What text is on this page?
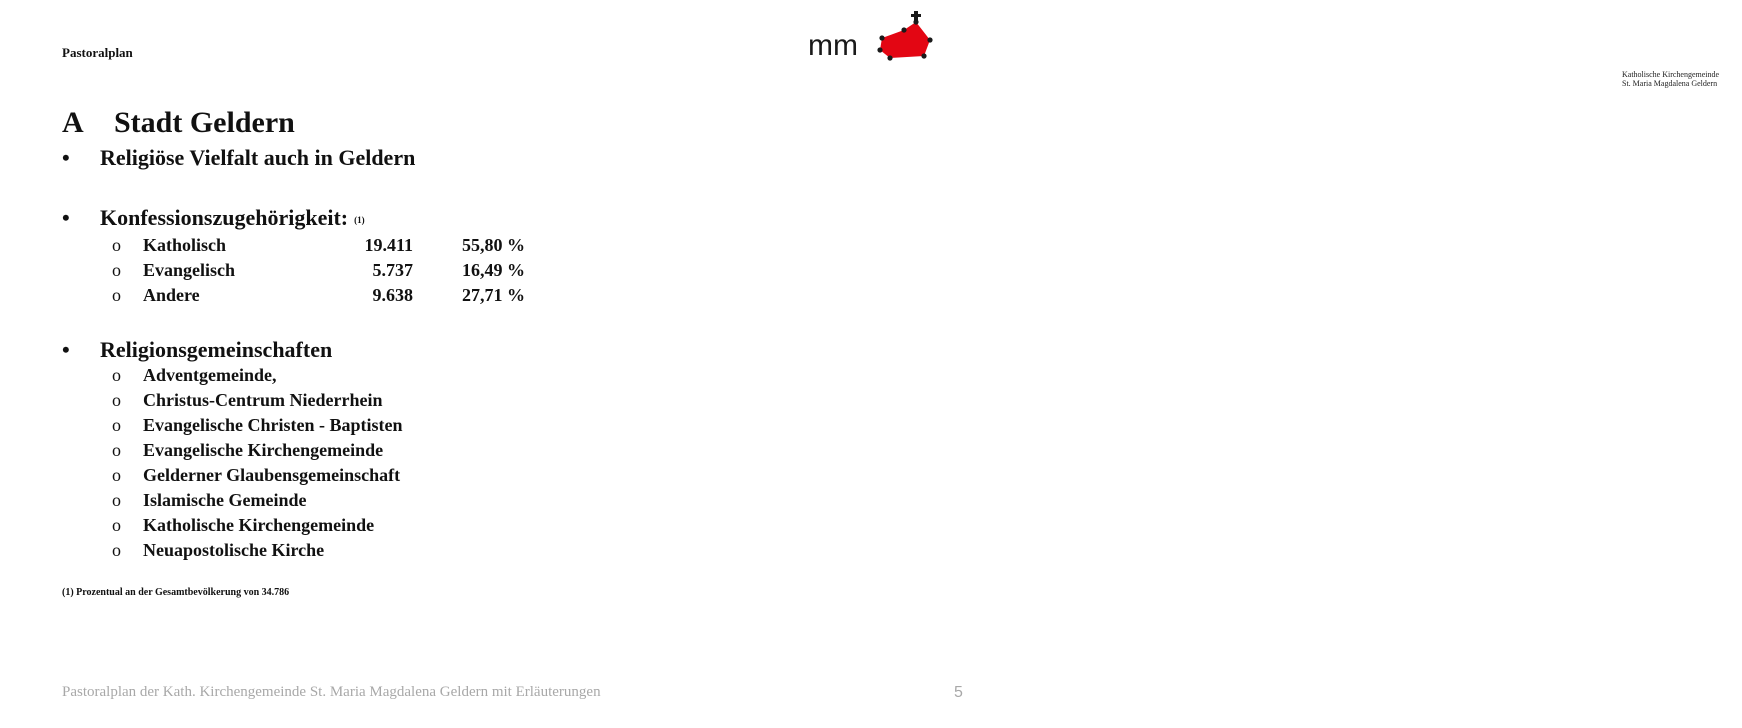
Pastoralplan	mm
Katholische Kirchengemeinde
St. Maria Magdalena Geldern
A Stadt Geldern
• Religiöse Vielfalt auch in Geldern
• Konfessionszugehörigkeit: (1)
o Katholisch	19.411	55,80 %
o Evangelisch	5.737	16,49 %
o Andere	9.638	27,71 %
• Religionsgemeinschaften
o Adventgemeinde,
o Christus-Centrum Niederrhein
o Evangelische Christen - Baptisten
o Evangelische Kirchengemeinde
o Gelderner Glaubensgemeinschaft
o Islamische Gemeinde
o Katholische Kirchengemeinde
o Neuapostolische Kirche
(1) Prozentual an der Gesamtbevölkerung von 34.786
Pastoralplan der Kath. Kirchengemeinde St. Maria Magdalena Geldern mit Erläuterungen	5
